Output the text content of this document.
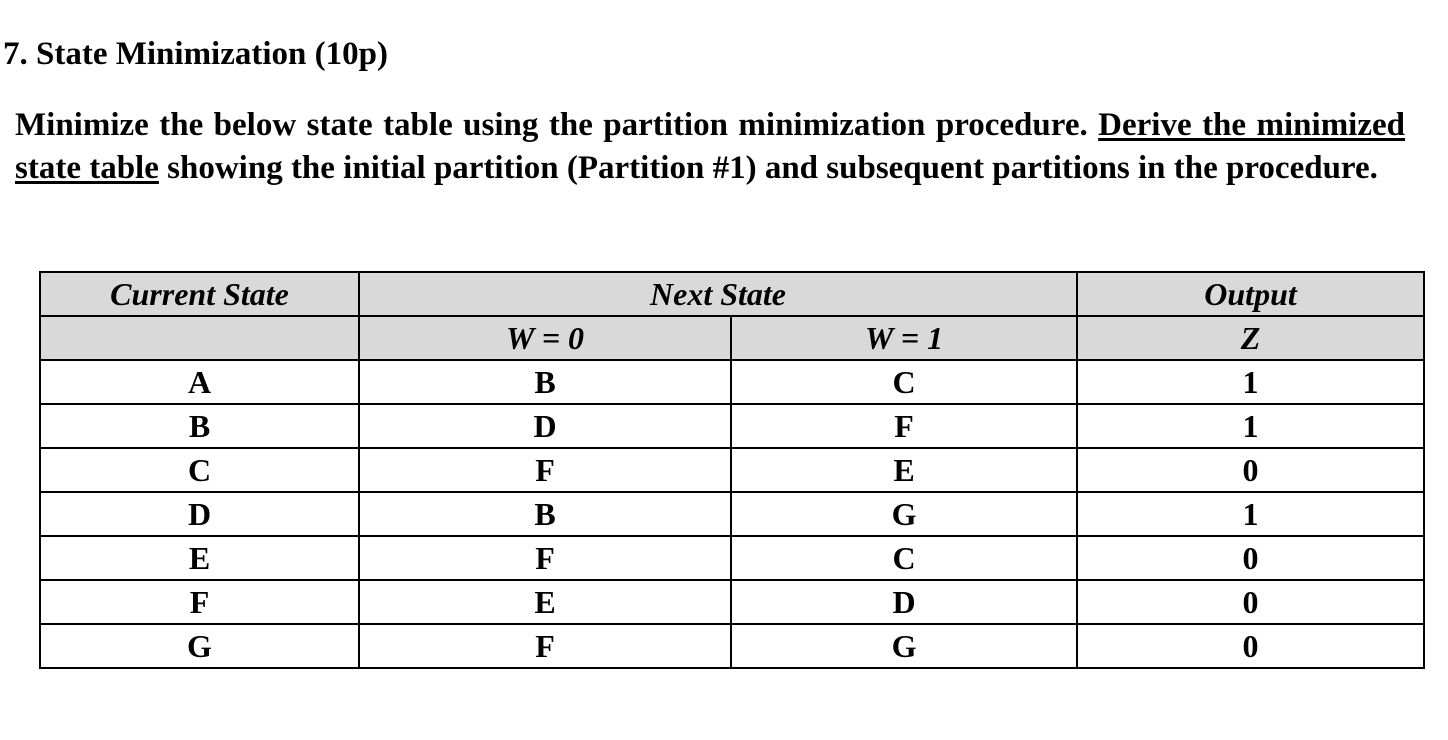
7. State Minimization (10p)

Minimize the below state table using the partition minimization procedure. Derive the minimized state table showing the initial partition (Partition #1) and subsequent partitions in the procedure.

Current State	Next State		Output
	W = 0	W = 1	Z
A	B	C	1
B	D	F	1
C	F	E	0
D	B	G	1
E	F	C	0
F	E	D	0
G	F	G	0
